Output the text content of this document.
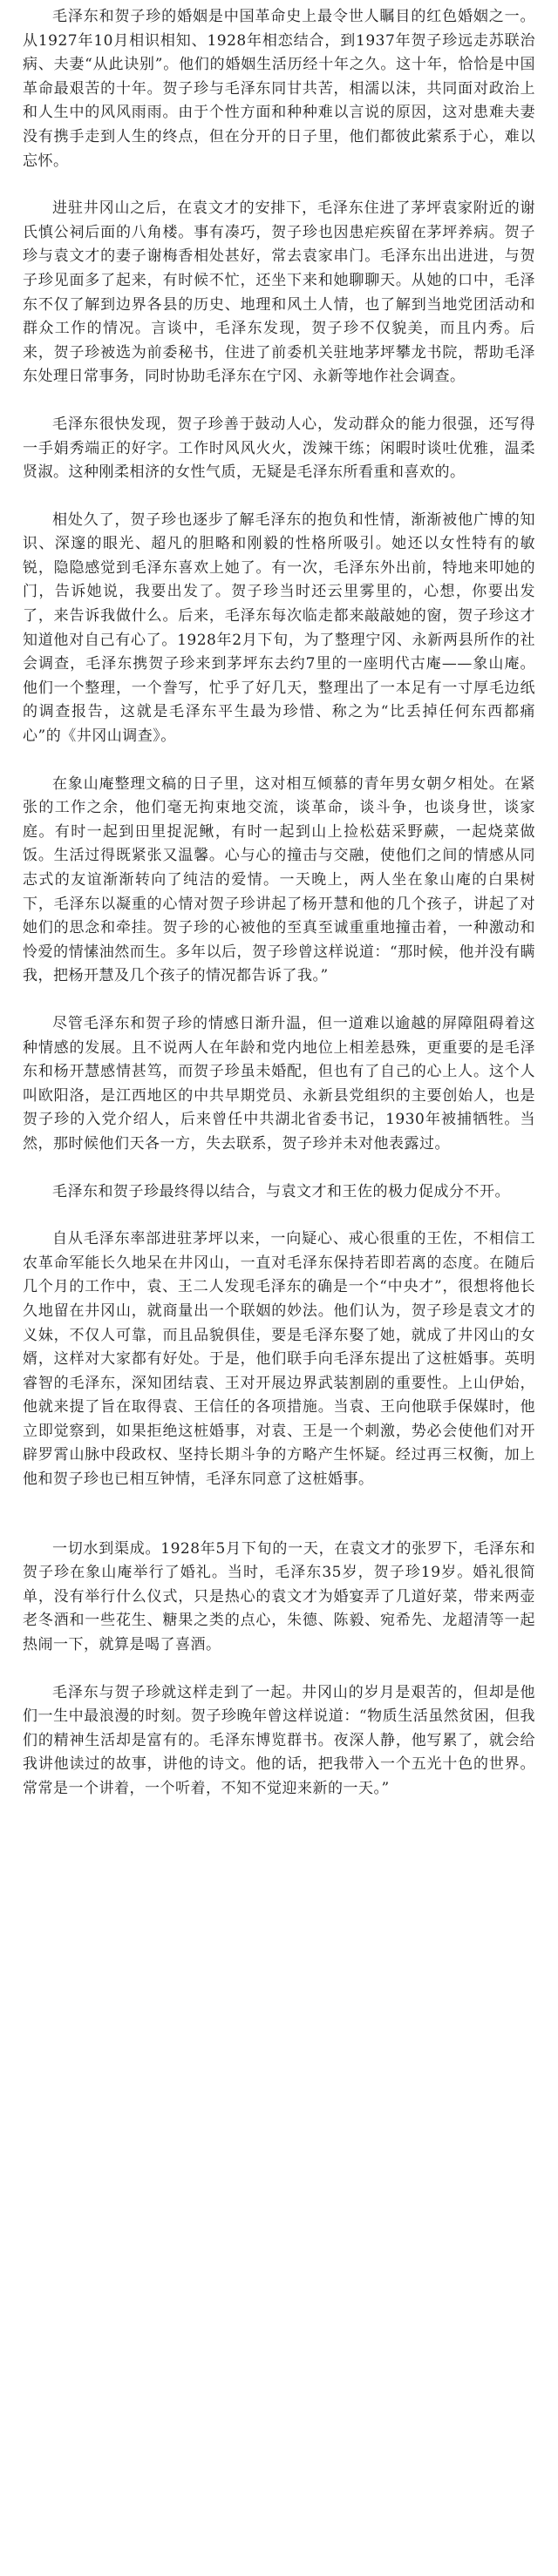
毛泽东和贺子珍的婚姻是中国革命史上最令世人瞩目的红色婚姻之一。从1927年10月相识相知、1928年相恋结合，到1937年贺子珍远走苏联治病、夫妻“从此诀别”。他们的婚姻生活历经十年之久。这十年，恰恰是中国革命最艰苦的十年。贺子珍与毛泽东同甘共苦，相濡以沫，共同面对政治上和人生中的风风雨雨。由于个性方面和种种难以言说的原因，这对患难夫妻没有携手走到人生的终点，但在分开的日子里，他们都彼此萦系于心，难以忘怀。

进驻井冈山之后，在袁文才的安排下，毛泽东住进了茅坪袁家附近的谢氏慎公祠后面的八角楼。事有凑巧，贺子珍也因患疟疾留在茅坪养病。贺子珍与袁文才的妻子谢梅香相处甚好，常去袁家串门。毛泽东出出进进，与贺子珍见面多了起来，有时候不忙，还坐下来和她聊聊天。从她的口中，毛泽东不仅了解到边界各县的历史、地理和风土人情，也了解到当地党团活动和群众工作的情况。言谈中，毛泽东发现，贺子珍不仅貌美，而且内秀。后来，贺子珍被选为前委秘书，住进了前委机关驻地茅坪攀龙书院，帮助毛泽东处理日常事务，同时协助毛泽东在宁冈、永新等地作社会调查。

毛泽东很快发现，贺子珍善于鼓动人心，发动群众的能力很强，还写得一手娟秀端正的好字。工作时风风火火，泼辣干练；闲暇时谈吐优雅，温柔贤淑。这种刚柔相济的女性气质，无疑是毛泽东所看重和喜欢的。

相处久了，贺子珍也逐步了解毛泽东的抱负和性情，渐渐被他广博的知识、深邃的眼光、超凡的胆略和刚毅的性格所吸引。她还以女性特有的敏锐，隐隐感觉到毛泽东喜欢上她了。有一次，毛泽东外出前，特地来叩她的门，告诉她说，我要出发了。贺子珍当时还云里雾里的，心想，你要出发了，来告诉我做什么。后来，毛泽东每次临走都来敲敲她的窗，贺子珍这才知道他对自己有心了。1928年2月下旬，为了整理宁冈、永新两县所作的社会调查，毛泽东携贺子珍来到茅坪东去约7里的一座明代古庵——象山庵。他们一个整理，一个誊写，忙乎了好几天，整理出了一本足有一寸厚毛边纸的调查报告，这就是毛泽东平生最为珍惜、称之为“比丢掉任何东西都痛心”的《井冈山调查》。

在象山庵整理文稿的日子里，这对相互倾慕的青年男女朝夕相处。在紧张的工作之余，他们毫无拘束地交流，谈革命，谈斗争，也谈身世，谈家庭。有时一起到田里捉泥鳅，有时一起到山上捡松菇采野蕨，一起烧菜做饭。生活过得既紧张又温馨。心与心的撞击与交融，使他们之间的情感从同志式的友谊渐渐转向了纯洁的爱情。一天晚上，两人坐在象山庵的白果树下，毛泽东以凝重的心情对贺子珍讲起了杨开慧和他的几个孩子，讲起了对她们的思念和牵挂。贺子珍的心被他的至真至诚重重地撞击着，一种激动和怜爱的情愫油然而生。多年以后，贺子珍曾这样说道：“那时候，他并没有瞒我，把杨开慧及几个孩子的情况都告诉了我。”

尽管毛泽东和贺子珍的情感日渐升温，但一道难以逾越的屏障阻碍着这种情感的发展。且不说两人在年龄和党内地位上相差悬殊，更重要的是毛泽东和杨开慧感情甚笃，而贺子珍虽未婚配，但也有了自己的心上人。这个人叫欧阳洛，是江西地区的中共早期党员、永新县党组织的主要创始人，也是贺子珍的入党介绍人，后来曾任中共湖北省委书记，1930年被捕牺牲。当然，那时候他们天各一方，失去联系，贺子珍并未对他表露过。

毛泽东和贺子珍最终得以结合，与袁文才和王佐的极力促成分不开。

自从毛泽东率部进驻茅坪以来，一向疑心、戒心很重的王佐，不相信工农革命军能长久地呆在井冈山，一直对毛泽东保持若即若离的态度。在随后几个月的工作中，袁、王二人发现毛泽东的确是一个“中央才”，很想将他长久地留在井冈山，就商量出一个联姻的妙法。他们认为，贺子珍是袁文才的义妹，不仅人可靠，而且品貌俱佳，要是毛泽东娶了她，就成了井冈山的女婿，这样对大家都有好处。于是，他们联手向毛泽东提出了这桩婚事。英明睿智的毛泽东，深知团结袁、王对开展边界武装割剧的重要性。上山伊始，他就来提了旨在取得袁、王信任的各项措施。当袁、王向他联手保媒时，他立即觉察到，如果拒绝这桩婚事，对袁、王是一个刺激，势必会使他们对开辟罗霄山脉中段政权、坚持长期斗争的方略产生怀疑。经过再三权衡，加上他和贺子珍也已相互钟情，毛泽东同意了这桩婚事。

一切水到渠成。1928年5月下旬的一天，在袁文才的张罗下，毛泽东和贺子珍在象山庵举行了婚礼。当时，毛泽东35岁，贺子珍19岁。婚礼很简单，没有举行什么仪式，只是热心的袁文才为婚宴弄了几道好菜，带来两壶老冬酒和一些花生、糖果之类的点心，朱德、陈毅、宛希先、龙超清等一起热闹一下，就算是喝了喜酒。

毛泽东与贺子珍就这样走到了一起。井冈山的岁月是艰苦的，但却是他们一生中最浪漫的时刻。贺子珍晚年曾这样说道：“物质生活虽然贫困，但我们的精神生活却是富有的。毛泽东博览群书。夜深人静，他写累了，就会给我讲他读过的故事，讲他的诗文。他的话，把我带入一个五光十色的世界。常常是一个讲着，一个听着，不知不觉迎来新的一天。”
